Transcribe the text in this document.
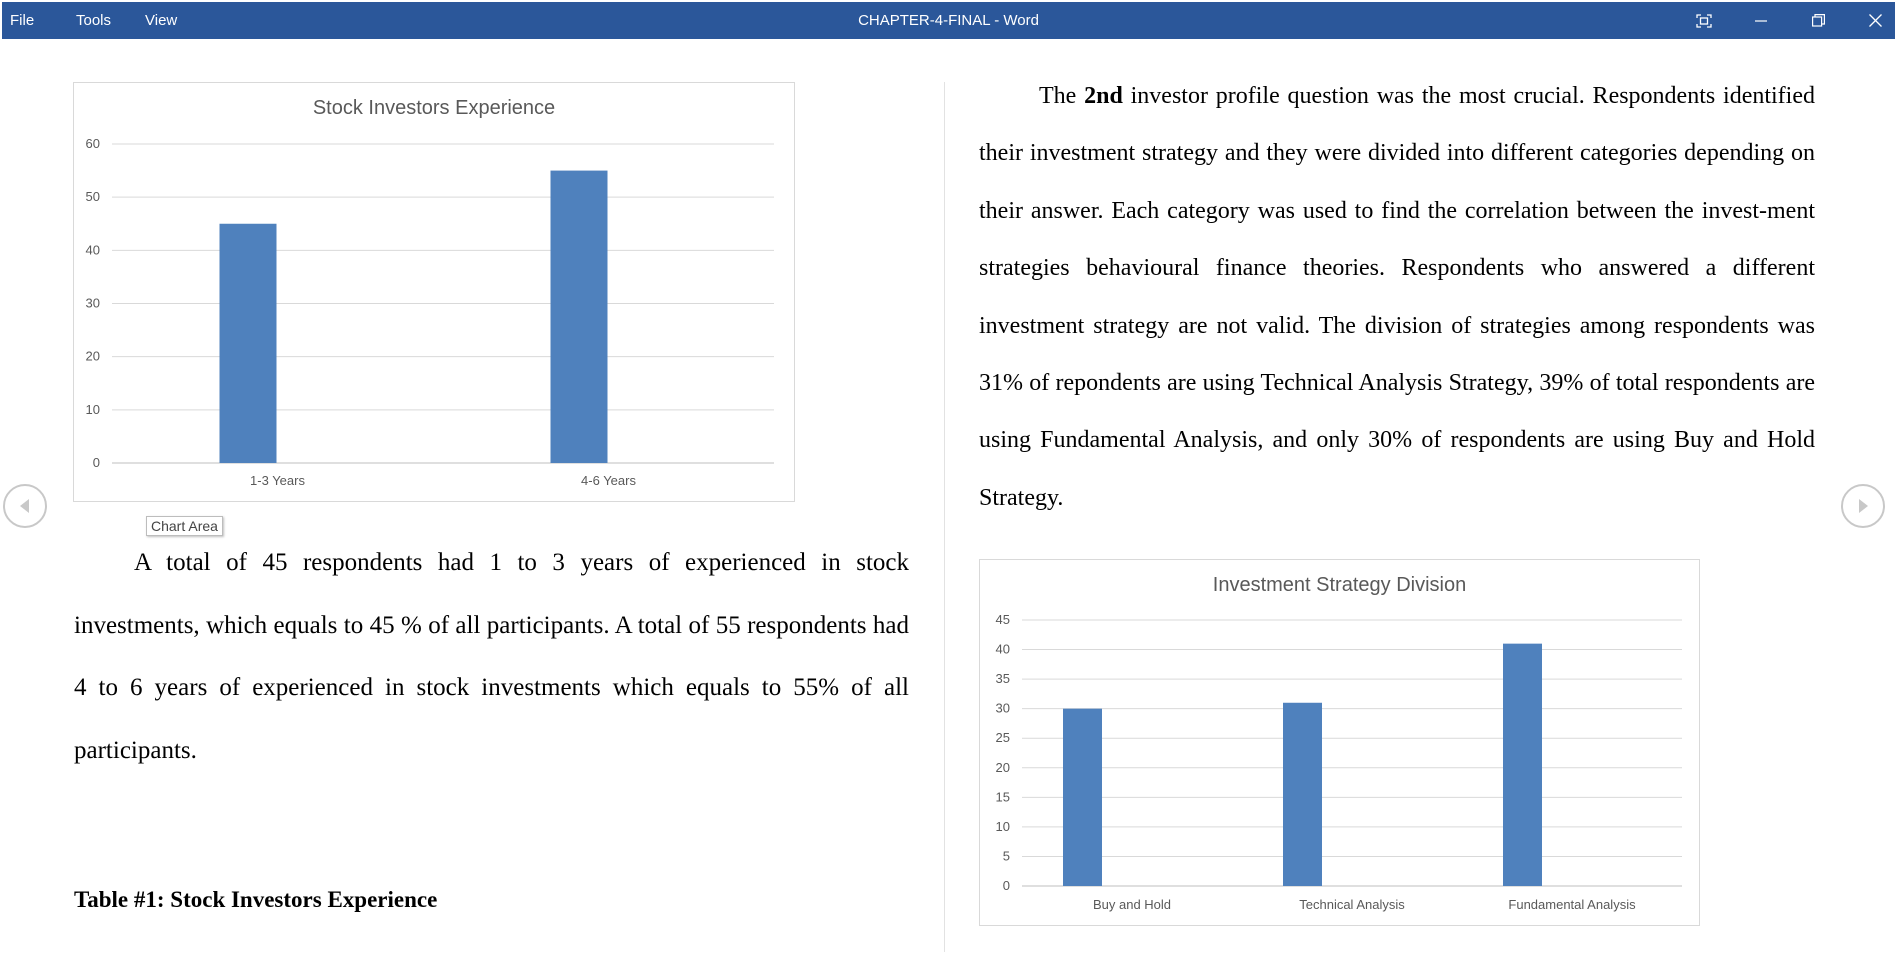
File	Tools View	CHAPTER-4-FINAL - Word
Stock Investors Experience
0
10
20
30
40
50
60
1-3 Years	4-6 Years
Chart Area

A total of 45 respondents had 1 to 3 years of experienced in stock investments, which equals to 45 % of all participants. A total of 55 respondents had 4 to 6 years of experienced in stock investments which equals to 55% of all participants.

Table #1: Stock Investors Experience

The 2nd investor profile question was the most crucial. Respondents identified their investment strategy and they were divided into different categories depending on their answer. Each category was used to find the correlation between the invest-ment strategies behavioural finance theories. Respondents who answered a different investment strategy are not valid. The division of strategies among respondents was 31% of repondents are using Technical Analysis Strategy, 39% of total respondents are using Fundamental Analysis, and only 30% of respondents are using Buy and Hold Strategy.

Investment Strategy Division
0
5
10
15
20
25
30
35
40
45
Buy and Hold	Technical Analysis	Fundamental Analysis
